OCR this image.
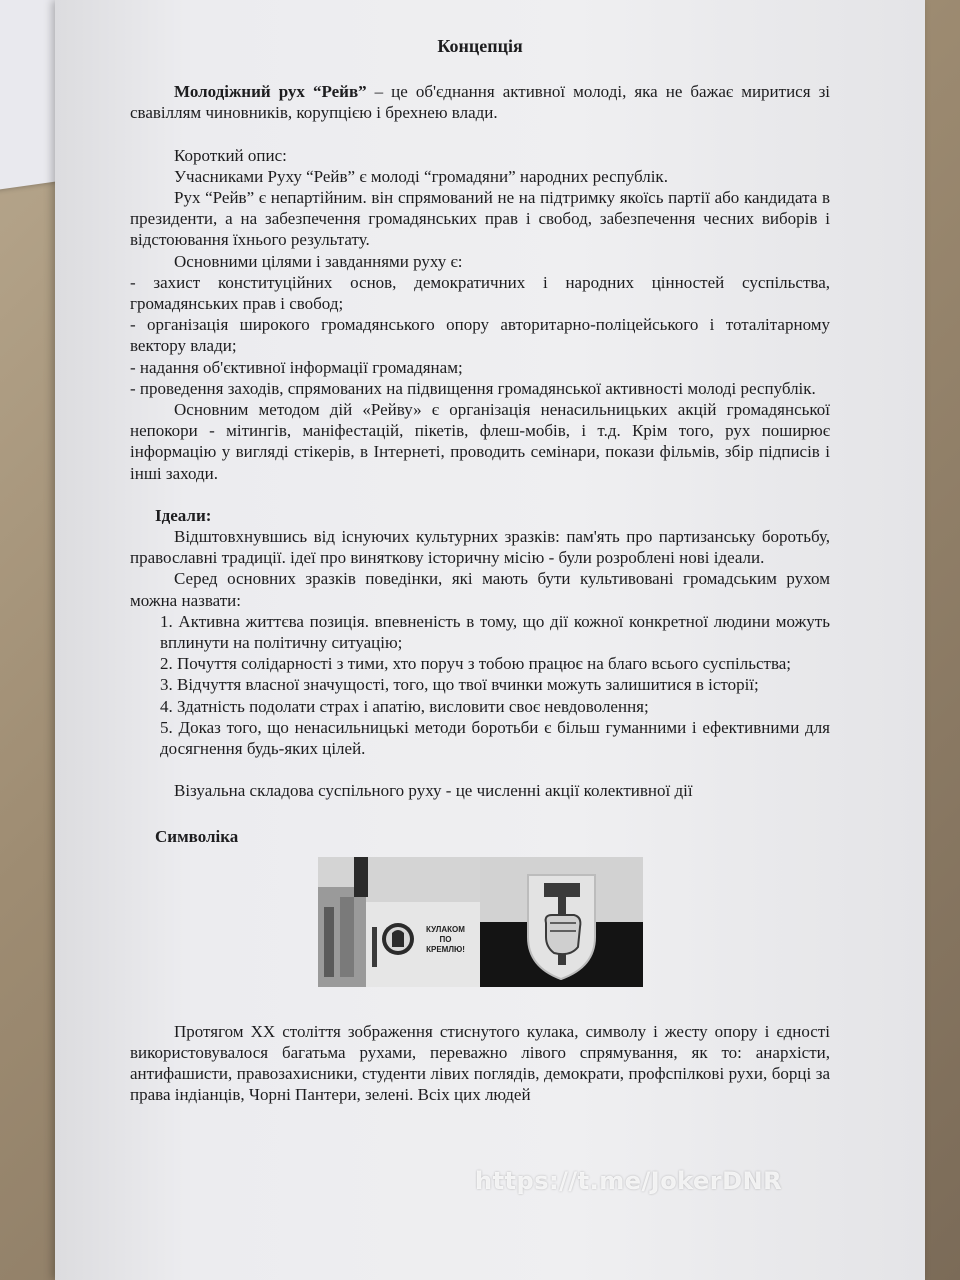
Концепція

Молодіжний рух “Рейв” – це об'єднання активної молоді, яка не бажає миритися зі свавіллям чиновників, корупцією і брехнею влади.

Короткий опис:

Учасниками Руху “Рейв” є молоді “громадяни” народних республік.

Рух “Рейв” є непартійним. він спрямований не на підтримку якоїсь партії або кандидата в президенти, а на забезпечення громадянських прав і свобод, забезпечення чесних виборів і відстоювання їхнього результату.

Основними цілями і завданнями руху є:

- захист конституційних основ, демократичних і народних цінностей суспільства, громадянських прав і свобод;

- організація широкого громадянського опору авторитарно-поліцейського і тоталітарному вектору влади;

- надання об'єктивної інформації громадянам;

- проведення заходів, спрямованих на підвищення громадянської активності молоді республік.

Основним методом дій «Рейву» є організація ненасильницьких акцій громадянської непокори - мітингів, маніфестацій, пікетів, флеш-мобів, і т.д. Крім того, рух поширює інформацію у вигляді стікерів, в Інтернеті, проводить семінари, покази фільмів, збір підписів і інші заходи.

Ідеали:

Відштовхнувшись від існуючих культурних зразків: пам'ять про партизанську боротьбу, православні традиції. ідеї про виняткову історичну місію - були розроблені нові ідеали.

Серед основних зразків поведінки, які мають бути культивовані громадським рухом можна назвати:

1. Активна життєва позиція. впевненість в тому, що дії кожної конкретної людини можуть вплинути на політичну ситуацію;

2. Почуття солідарності з тими, хто поруч з тобою працює на благо всього суспільства;

3. Відчуття власної значущості, того, що твої вчинки можуть залишитися в історії;

4. Здатність подолати страх і апатію, висловити своє невдоволення;

5. Доказ того, що ненасильницькі методи боротьби є більш гуманними і ефективними для досягнення будь-яких цілей.

Візуальна складова суспільного руху - це численні акції колективної дії

Символіка

КУЛАКОМ ПО КРЕМЛЮ!

Протягом XX століття зображення стиснутого кулака, символу і жесту опору і єдності використовувалося багатьма рухами, переважно лівого спрямування, як то: анархісти, антифашисти, правозахисники, студенти лівих поглядів, демократи, профспілкові рухи, борці за права індіанців, Чорні Пантери, зелені. Всіх цих людей

https://t.me/JokerDNR
